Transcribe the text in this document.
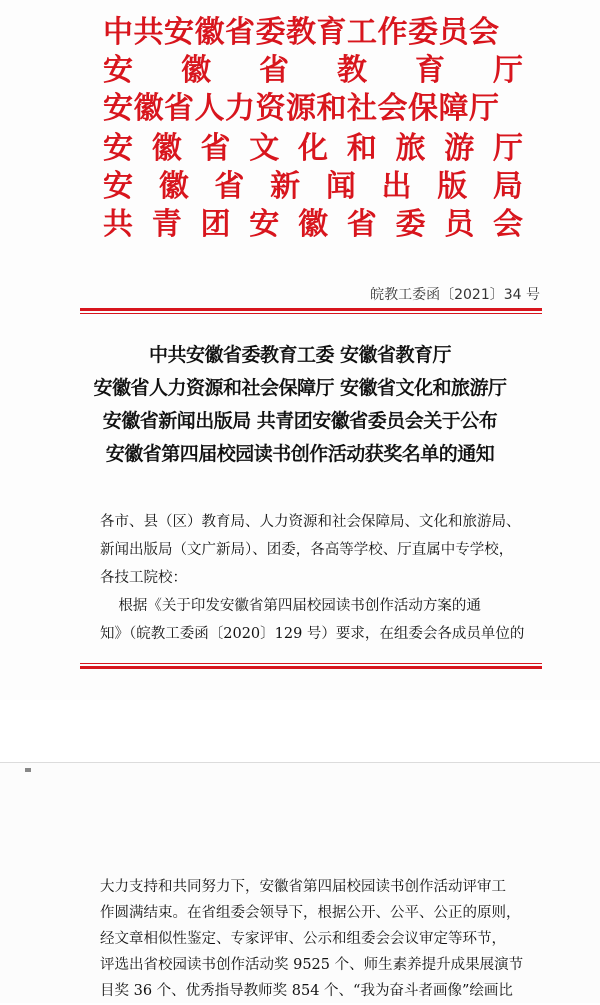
中共安徽省委教育工作委员会
安 徽 省 教 育 厅
安徽省人力资源和社会保障厅
安 徽 省 文 化 和 旅 游 厅
安 徽 省 新 闻 出 版 局
共 青 团 安 徽 省 委 员 会
皖教工委函〔2021〕34 号
中共安徽省委教育工委 安徽省教育厅
安徽省人力资源和社会保障厅 安徽省文化和旅游厅
安徽省新闻出版局 共青团安徽省委员会关于公布
安徽省第四届校园读书创作活动获奖名单的通知
各市、县（区）教育局、人力资源和社会保障局、文化和旅游局、
新闻出版局（文广新局）、团委，各高等学校、厅直属中专学校，
各技工院校：
根据《关于印发安徽省第四届校园读书创作活动方案的通
知》（皖教工委函〔2020〕129 号）要求，在组委会各成员单位的
大力支持和共同努力下，安徽省第四届校园读书创作活动评审工
作圆满结束。在省组委会领导下，根据公开、公平、公正的原则，
经文章相似性鉴定、专家评审、公示和组委会会议审定等环节，
评选出省校园读书创作活动奖 9525 个、师生素养提升成果展演节
目奖 36 个、优秀指导教师奖 854 个、“我为奋斗者画像”绘画比
